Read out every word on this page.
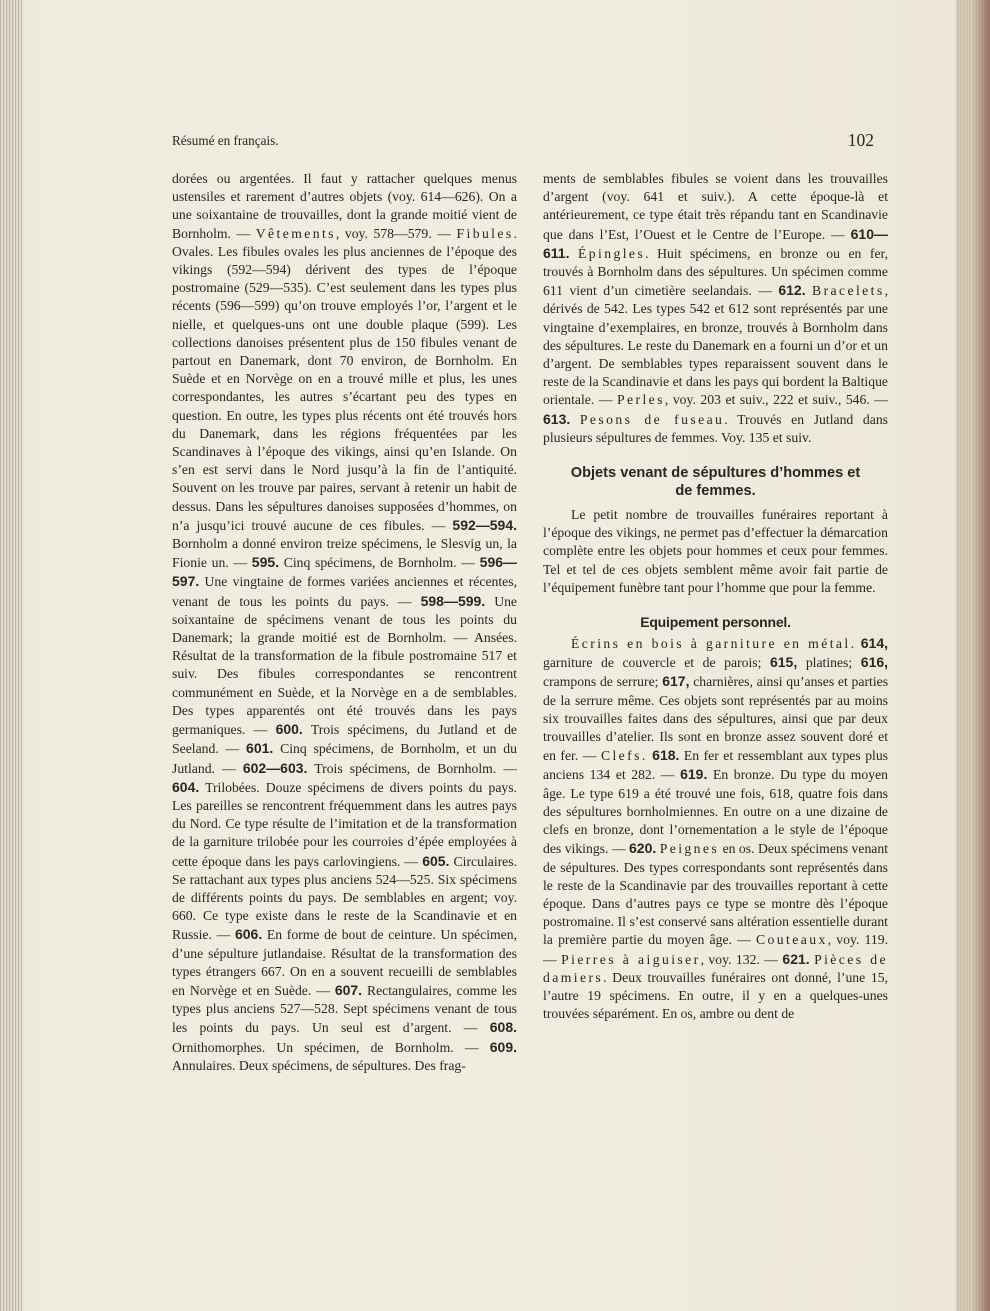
Résumé en français.	102

dorées ou argentées. Il faut y rattacher quelques menus ustensiles et rarement d’autres objets (voy. 614—626). On a une soixantaine de trouvailles, dont la grande moitié vient de Bornholm. — Vêtements, voy. 578—579. — Fibules. Ovales. Les fibules ovales les plus anciennes de l’époque des vikings (592—594) dérivent des types de l’époque postromaine (529—535). C’est seulement dans les types plus récents (596—599) qu’on trouve employés l’or, l’argent et le nielle, et quelques-uns ont une double plaque (599). Les collections danoises présentent plus de 150 fibules venant de partout en Danemark, dont 70 environ, de Bornholm. En Suède et en Norvège on en a trouvé mille et plus, les unes correspondantes, les autres s’écartant peu des types en question. En outre, les types plus récents ont été trouvés hors du Danemark, dans les régions fréquentées par les Scandinaves à l’époque des vikings, ainsi qu’en Islande. On s’en est servi dans le Nord jusqu’à la fin de l’antiquité. Souvent on les trouve par paires, servant à retenir un habit de dessus. Dans les sépultures danoises supposées d’hommes, on n’a jusqu’ici trouvé aucune de ces fibules. — 592—594. Bornholm a donné environ treize spécimens, le Slesvig un, la Fionie un. — 595. Cinq spécimens, de Bornholm. — 596—597. Une vingtaine de formes variées anciennes et récentes, venant de tous les points du pays. — 598—599. Une soixantaine de spécimens venant de tous les points du Danemark; la grande moitié est de Bornholm. — Ansées. Résultat de la transformation de la fibule postromaine 517 et suiv. Des fibules correspondantes se rencontrent communément en Suède, et la Norvège en a de semblables. Des types apparentés ont été trouvés dans les pays germaniques. — 600. Trois spécimens, du Jutland et de Seeland. — 601. Cinq spécimens, de Bornholm, et un du Jutland. — 602—603. Trois spécimens, de Bornholm. — 604. Trilobées. Douze spécimens de divers points du pays. Les pareilles se rencontrent fréquemment dans les autres pays du Nord. Ce type résulte de l’imitation et de la transformation de la garniture trilobée pour les courroies d’épée employées à cette époque dans les pays carlovingiens. — 605. Circulaires. Se rattachant aux types plus anciens 524—525. Six spécimens de différents points du pays. De semblables en argent; voy. 660. Ce type existe dans le reste de la Scandinavie et en Russie. — 606. En forme de bout de ceinture. Un spécimen, d’une sépulture jutlandaise. Résultat de la transformation des types étrangers 667. On en a souvent recueilli de semblables en Norvège et en Suède. — 607. Rectangulaires, comme les types plus anciens 527—528. Sept spécimens venant de tous les points du pays. Un seul est d’argent. — 608. Ornithomorphes. Un spécimen, de Bornholm. — 609. Annulaires. Deux spécimens, de sépultures. Des frag-

ments de semblables fibules se voient dans les trouvailles d’argent (voy. 641 et suiv.). A cette époque-là et antérieurement, ce type était très répandu tant en Scandinavie que dans l’Est, l’Ouest et le Centre de l’Europe. — 610—611. Épingles. Huit spécimens, en bronze ou en fer, trouvés à Bornholm dans des sépultures. Un spécimen comme 611 vient d’un cimetière seelandais. — 612. Bracelets, dérivés de 542. Les types 542 et 612 sont représentés par une vingtaine d’exemplaires, en bronze, trouvés à Bornholm dans des sépultures. Le reste du Danemark en a fourni un d’or et un d’argent. De semblables types reparaissent souvent dans le reste de la Scandinavie et dans les pays qui bordent la Baltique orientale. — Perles, voy. 203 et suiv., 222 et suiv., 546. — 613. Pesons de fuseau. Trouvés en Jutland dans plusieurs sépultures de femmes. Voy. 135 et suiv.

Objets venant de sépultures d’hommes et
de femmes.

Le petit nombre de trouvailles funéraires reportant à l’époque des vikings, ne permet pas d’effectuer la démarcation complète entre les objets pour hommes et ceux pour femmes. Tel et tel de ces objets semblent même avoir fait partie de l’équipement funèbre tant pour l’homme que pour la femme.

Equipement personnel.

Écrins en bois à garniture en métal. 614, garniture de couvercle et de parois; 615, platines; 616, crampons de serrure; 617, charnières, ainsi qu’anses et parties de la serrure même. Ces objets sont représentés par au moins six trouvailles faites dans des sépultures, ainsi que par deux trouvailles d’atelier. Ils sont en bronze assez souvent doré et en fer. — Clefs. 618. En fer et ressemblant aux types plus anciens 134 et 282. — 619. En bronze. Du type du moyen âge. Le type 619 a été trouvé une fois, 618, quatre fois dans des sépultures bornholmiennes. En outre on a une dizaine de clefs en bronze, dont l’ornementation a le style de l’époque des vikings. — 620. Peignes en os. Deux spécimens venant de sépultures. Des types correspondants sont représentés dans le reste de la Scandinavie par des trouvailles reportant à cette époque. Dans d’autres pays ce type se montre dès l’époque postromaine. Il s’est conservé sans altération essentielle durant la première partie du moyen âge. — Couteaux, voy. 119. — Pierres à aiguiser, voy. 132. — 621. Pièces de damiers. Deux trouvailles funéraires ont donné, l’une 15, l’autre 19 spécimens. En outre, il y en a quelques-unes trouvées séparément. En os, ambre ou dent de
